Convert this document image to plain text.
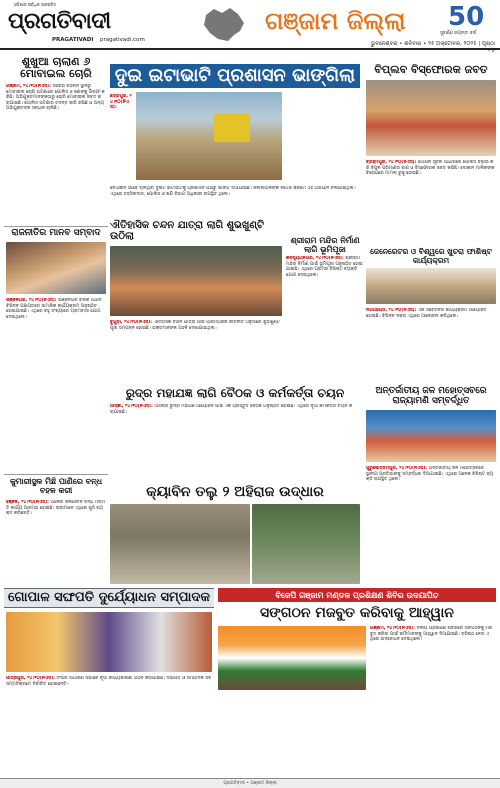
ଓଡ଼ିଶାର ସର୍ବାଧିକ ପ୍ରଚାରିତ
ପ୍ରଗତିବାଦୀ
PRAGATIVADI pragativadi.com
ଗଞ୍ଜାମ ଜିଲ୍ଲା 50
ସୁବର୍ଣ୍ଣ ଜୟନ୍ତୀ ବର୍ଷ
ଭୁବନେଶ୍ବର • ଶନିବାର • ୨୫ ଅକ୍ଟୋବର, ୨୦୨୫ | ପୃଷ୍ଠା - ୫
ଶୁଖୁଆ ଚାଲାଣ ୬ ମୋବାଇଲ ଚୋରି
ଗଞ୍ଜାମ, ୨୪।୧୦(ନିଏସ): ସହରର ବିଭିନ୍ନ ସ୍ଥାନରୁ ମୋବାଇଲ ଚୋରି ଘଟଣାରେ ପୋଲିସ ୬ ଜଣଙ୍କୁ ଗିରଫ କରିଛି। ଅଭିଯୁକ୍ତମାନଙ୍କଠାରୁ ଚୋରି ମୋବାଇଲ ଜବତ କରାଯାଇଛି। ପୋଲିସ ଘଟଣାର ତଦନ୍ତ ଜାରି ରଖିଛି ଓ ଅନ୍ୟ ଅଭିଯୁକ୍ତଙ୍କ ସନ୍ଧାନ ଚାଲିଛି।
ରାଜନୀତିର ମାନବ ସମ୍ବାଦ
ଭଞ୍ଜନଗର, ୨୪।୧୦(ନିଏସ): ଭଞ୍ଜନଗର ବ୍ଲକ ଅଧୀନ ବିଭିନ୍ନ ପଞ୍ଚାୟତରେ ସାମାଜିକ କାର୍ଯ୍ୟକ୍ରମ ଅନୁଷ୍ଠିତ ହୋଇଯାଇଛି। ଏଥିରେ ବହୁ ସଂଖ୍ୟାରେ ଗ୍ରାମବାସୀ ଯୋଗଦେଇଥିଲେ।
କୁମାରୀସ୍ଥଳ ମିଛି ପାଣିରେ ବନ୍ଧ ବହଳ କରୀ
ହିଞ୍ଜିଳି, ୨୪।୧୦(ନିଏସ): ଅଞ୍ଚଳର ଜଳସେଚନ ବନ୍ଧ ମରାମତି କାର୍ଯ୍ୟ ଆରମ୍ଭ ହୋଇଛି। ଚାଷୀମାନେ ଏଥିରେ ଖୁସି ବ୍ୟକ୍ତ କରିଛନ୍ତି।
ଦୁଇ ଇଟାଭାଟି ପ୍ରଶାସନ ଭାଙ୍ଗିଲା
ଛତ୍ରପୁର, ୨୪।୧୦(ନିଏସ):
ବେଆଇନ ଭାବେ ଚାଲିଥିବା ଦୁଇଟି ଇଟାଭାଟିକୁ ପ୍ରଶାସନ ପକ୍ଷରୁ ଭାଙ୍ଗି ଦିଆଯାଇଛି। ଜିଲ୍ଲାପାଳଙ୍କ ନିର୍ଦ୍ଦେଶ କ୍ରମେ ଏହି ଅଭିଯାନ ଚଳାଯାଇଥିଲା। ଏଥିରେ ତହସିଲଦାର, ପୋଲିସ ଓ ଖଣି ବିଭାଗ ଅଧିକାରୀ ଉପସ୍ଥିତ ଥିଲେ।
ବିପ୍ଲବ ବିସ୍ଫୋରକ ଜବତ
ବ୍ରହ୍ମପୁର, ୨୪।୧୦(ନିଏସ): ଗୋପନ ସୂଚନା ଆଧାରରେ ପୋଲିସ ଚଢ଼ାଉ କରି ବିପୁଳ ପରିମାଣର ବାଣ ଓ ବିସ୍ଫୋରକ ଜବତ କରିଛି। ଦୋକାନ ମାଲିକଙ୍କ ବିରୋଧରେ ମାମଲା ରୁଜୁ ହୋଇଛି।
ଐତିହାସିକ ଚନ୍ଦନ ଯାତ୍ରା ଲାଗି ଶୁଭଖୁଣ୍ଟି ଉଠିଲା
ବୁଗୁଡ଼ା, ୨୪।୧୦(ନିଏସ): ଐତିହାସିକ ଚନ୍ଦନ ଯାତ୍ରା ପାଇଁ ପାରମ୍ପରିକ ରୀତିନୀତି ଅନୁସାରେ ଶୁଭଖୁଣ୍ଟି ପୂଜା ସମ୍ପନ୍ନ ହୋଇଛି। ଭକ୍ତମାନଙ୍କ ଗହଳି ଦେଖାଯାଇଥିଲା।
ଶ୍ରୀରାମ ମନ୍ଦିର ନିର୍ମାଣ ଲାଗି ଭୂମିପୂଜା
କବିସୂର୍ଯ୍ୟନଗର, ୨୪।୧୦(ନିଏସ): ଶ୍ରୀରାମ ମନ୍ଦିର ନିର୍ମାଣ ପାଇଁ ଭୂମିପୂଜା ଅନୁଷ୍ଠିତ ହୋଇଯାଇଛି। ଏଥିରେ ଗ୍ରାମର ବିଶିଷ୍ଟ ବ୍ୟକ୍ତି ଯୋଗ ଦେଇଥିଲେ।
ଜେନେରେଟର ଓ ବିଶ୍ୱରେ ଖୁଚରା ଫାଶିଷ୍ଟ କାର୍ଯ୍ୟକ୍ରମ
ଦିଗପହଣ୍ଡି, ୨୪।୧୦(ନିଏସ): ଏକ ସଚେତନତା କାର୍ଯ୍ୟକ୍ରମ ଆୟୋଜିତ ହୋଇଛି। ବିଭିନ୍ନ ବକ୍ତା ଏଥିରେ ଆଲୋଚନା କରିଥିଲେ।
ରୁଦ୍ର ମହାଯଜ୍ଞ ଲାଗି ବୈଠକ ଓ କର୍ମକର୍ତ୍ତା ଚୟନ
ଆସ୍କା, ୨୪।୧୦(ନିଏସ): ଆସନ୍ତା ରୁଦ୍ର ମହାଯଜ୍ଞ ଆୟୋଜନ ପାଇଁ ଏକ ପ୍ରସ୍ତୁତି ବୈଠକ ଅନୁଷ୍ଠିତ ହୋଇଛି। ଏଥିରେ ନୂଆ କର୍ମକର୍ତ୍ତା ଚୟନ କରାଯାଇଛି।
ଅନ୍ତର୍ଜାତୀୟ ଜଳ ମହୋତ୍ସବରେ ରାଜ୍ୟାମଣି ସମ୍ବର୍ଦ୍ଧିତ
ପୁରୁଷୋତ୍ତମପୁର, ୨୪।୧୦(ନିଏସ): ଅନ୍ତର୍ଜାତୀୟ ଜଳ ମହୋତ୍ସବରେ ସ୍ଥାନୀୟ ପ୍ରତିଭାଙ୍କୁ ସମ୍ବର୍ଦ୍ଧନା ଦିଆଯାଇଛି। ଏଥିରେ ଅନେକ ବିଶିଷ୍ଟ ବ୍ୟକ୍ତି ଉପସ୍ଥିତ ଥିଲେ।
କ୍ୟାବିନ ତଲୁ ୨ ଅହିରାଜ ଉଦ୍ଧାର
ଗୋପାଳ ସଙ୍ଘପତି ଦୁର୍ଯ୍ୟୋଧନ ସମ୍ପାଦକ
ପାତ୍ରପୁର, ୨୪।୧୦(ନିଏସ): ସଂଘର ସାଧାରଣ ସଭାରେ ନୂଆ କାର୍ଯ୍ୟକାରିଣୀ ଗଠନ କରାଯାଇଛି। ସଭାପତି ଓ ସମ୍ପାଦକ ସର୍ବସମ୍ମତିକ୍ରମେ ନିର୍ବାଚିତ ହୋଇଛନ୍ତି।
ବିଜେପି ଗଞ୍ଜାମ ମଣ୍ଡଳ ପ୍ରଶିକ୍ଷଣ ଶିବିର ଉଦଯାପିତ
ସଙ୍ଗଠନ ମଜବୁତ କରିବାକୁ ଆହ୍ୱାନ
ଗଞ୍ଜାମ, ୨୪।୧୦(ନିଏସ): ଦଳୀୟ ପ୍ରଶିକ୍ଷଣ ଶିବିରରେ ସଙ୍ଗଠନକୁ ମଜବୁତ କରିବା ପାଇଁ କର୍ମୀମାନଙ୍କୁ ଆହ୍ୱାନ ଦିଆଯାଇଛି। ବରିଷ୍ଠ ନେତା ଏଥିରେ ଉଦବୋଧନ ଦେଇଥିଲେ।
ପ୍ରଗତିବାଦୀ • ଗଞ୍ଜାମ ଜିଲ୍ଲା
